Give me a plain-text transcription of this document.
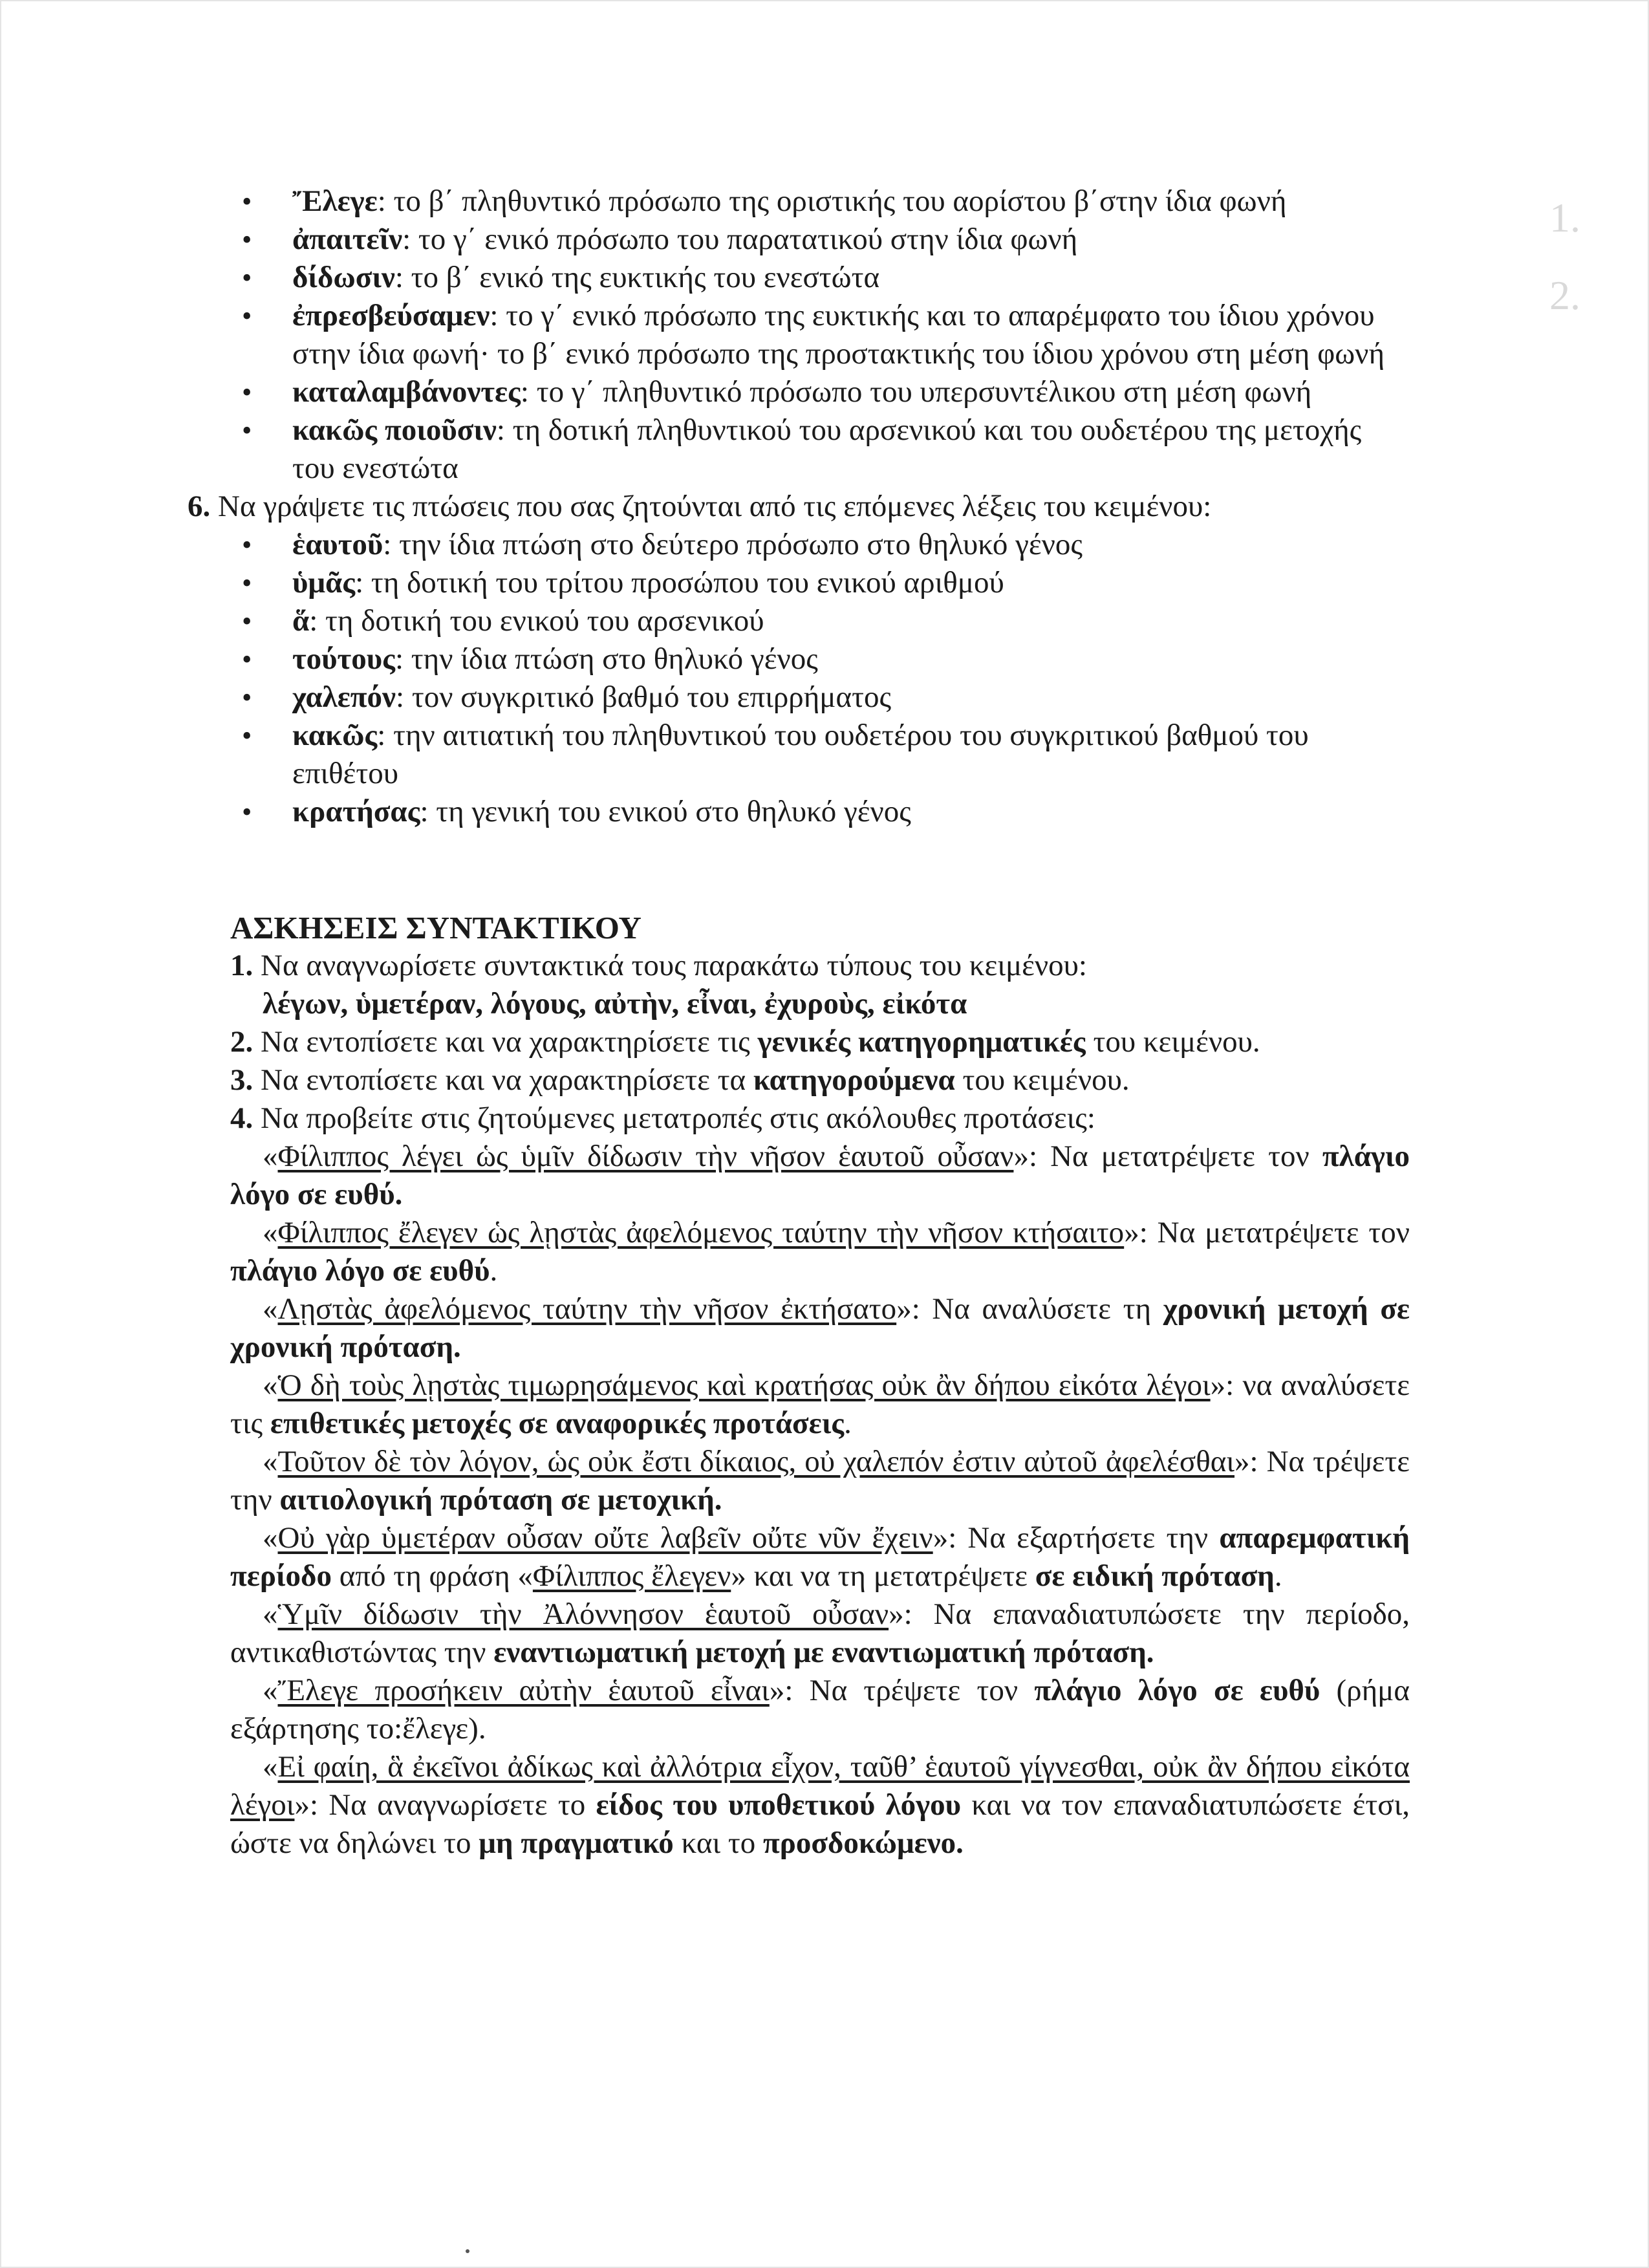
1.
2.
• Ἔλεγε: το β΄ πληθυντικό πρόσωπο της οριστικής του αορίστου β΄στην ίδια φωνή
• ἀπαιτεῖν: το γ΄ ενικό πρόσωπο του παρατατικού στην ίδια φωνή
• δίδωσιν: το β΄ ενικό της ευκτικής του ενεστώτα
• ἐπρεσβεύσαμεν: το γ΄ ενικό πρόσωπο της ευκτικής και το απαρέμφατο του ίδιου χρόνου στην ίδια φωνή· το β΄ ενικό πρόσωπο της προστακτικής του ίδιου χρόνου στη μέση φωνή
• καταλαμβάνοντες: το γ΄ πληθυντικό πρόσωπο του υπερσυντέλικου στη μέση φωνή
• κακῶς ποιοῦσιν: τη δοτική πληθυντικού του αρσενικού και του ουδετέρου της μετοχής του ενεστώτα
6. Να γράψετε τις πτώσεις που σας ζητούνται από τις επόμενες λέξεις του κειμένου:
• ἑαυτοῦ: την ίδια πτώση στο δεύτερο πρόσωπο στο θηλυκό γένος
• ὑμᾶς: τη δοτική του τρίτου προσώπου του ενικού αριθμού
• ἅ: τη δοτική του ενικού του αρσενικού
• τούτους: την ίδια πτώση στο θηλυκό γένος
• χαλεπόν: τον συγκριτικό βαθμό του επιρρήματος
• κακῶς: την αιτιατική του πληθυντικού του ουδετέρου του συγκριτικού βαθμού του επιθέτου
• κρατήσας: τη γενική του ενικού στο θηλυκό γένος
ΑΣΚΗΣΕΙΣ ΣΥΝΤΑΚΤΙΚΟΥ
1. Να αναγνωρίσετε συντακτικά τους παρακάτω τύπους του κειμένου:
λέγων, ὑμετέραν, λόγους, αὐτὴν, εἶναι, ἐχυροὺς, εἰκότα
2. Να εντοπίσετε και να χαρακτηρίσετε τις γενικές κατηγορηματικές του κειμένου.
3. Να εντοπίσετε και να χαρακτηρίσετε τα κατηγορούμενα του κειμένου.
4. Να προβείτε στις ζητούμενες μετατροπές στις ακόλουθες προτάσεις:

«Φίλιππος λέγει ὡς ὑμῖν δίδωσιν τὴν νῆσον ἑαυτοῦ οὖσαν»: Να μετατρέψετε τον πλάγιο λόγο σε ευθύ.

«Φίλιππος ἔλεγεν ὡς λῃστὰς ἀφελόμενος ταύτην τὴν νῆσον κτήσαιτο»: Να μετατρέψετε τον πλάγιο λόγο σε ευθύ.

«Λῃστὰς ἀφελόμενος ταύτην τὴν νῆσον ἐκτήσατο»: Να αναλύσετε τη χρονική μετοχή σε χρονική πρόταση.

«Ὁ δὴ τοὺς λῃστὰς τιμωρησάμενος καὶ κρατήσας οὐκ ἂν δήπου εἰκότα λέγοι»: να αναλύσετε τις επιθετικές μετοχές σε αναφορικές προτάσεις.

«Τοῦτον δὲ τὸν λόγον, ὡς οὐκ ἔστι δίκαιος, οὐ χαλεπόν ἐστιν αὐτοῦ ἀφελέσθαι»: Να τρέψετε την αιτιολογική πρόταση σε μετοχική.

«Οὐ γὰρ ὑμετέραν οὖσαν οὔτε λαβεῖν οὔτε νῦν ἔχειν»: Να εξαρτήσετε την απαρεμφατική περίοδο από τη φράση «Φίλιππος ἔλεγεν» και να τη μετατρέψετε σε ειδική πρόταση.

«Ὑμῖν δίδωσιν τὴν Ἀλόννησον ἑαυτοῦ οὖσαν»: Να επαναδιατυπώσετε την περίοδο, αντικαθιστώντας την εναντιωματική μετοχή με εναντιωματική πρόταση.

«Ἔλεγε προσήκειν αὐτὴν ἑαυτοῦ εἶναι»: Να τρέψετε τον πλάγιο λόγο σε ευθύ (ρήμα εξάρτησης το:ἔλεγε).

«Εἰ φαίη, ἃ ἐκεῖνοι ἀδίκως καὶ ἀλλότρια εἶχον, ταῦθ’ ἑαυτοῦ γίγνεσθαι, οὐκ ἂν δήπου εἰκότα λέγοι»: Να αναγνωρίσετε το είδος του υποθετικού λόγου και να τον επαναδιατυπώσετε έτσι, ώστε να δηλώνει το μη πραγματικό και το προσδοκώμενο.
